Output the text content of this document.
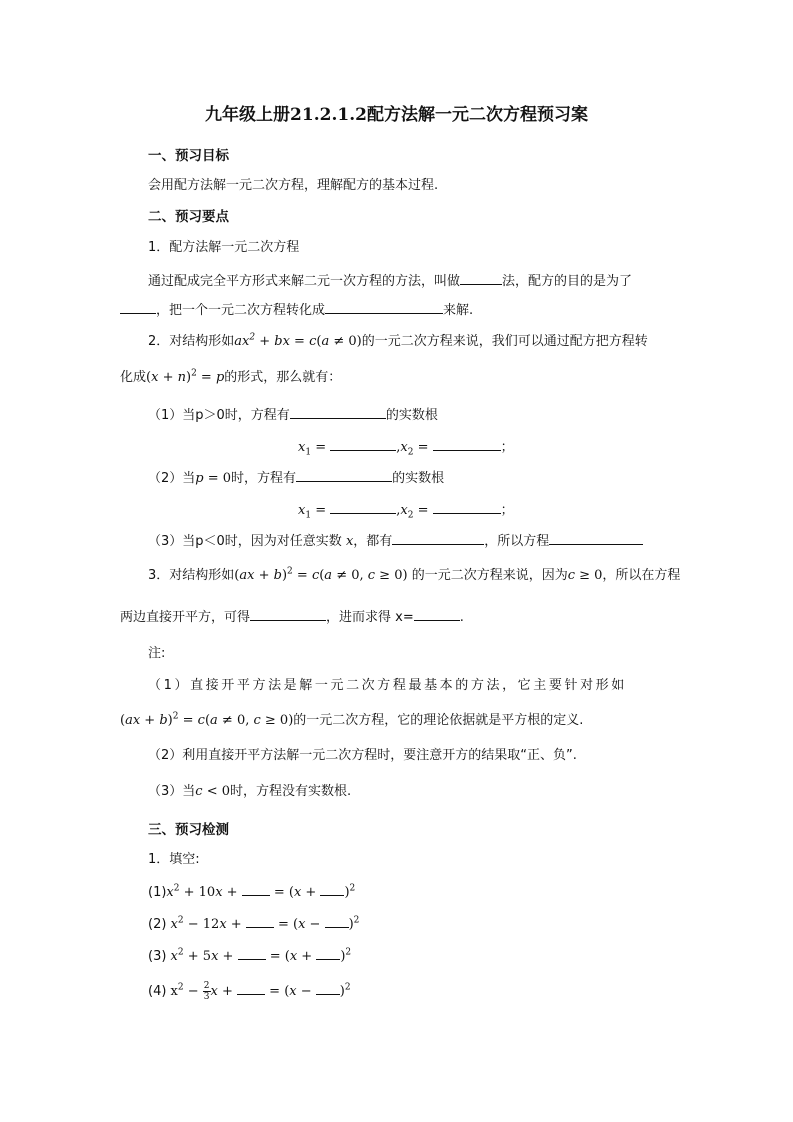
九年级上册21.2.1.2配方法解一元二次方程预习案
一、预习目标
会用配方法解一元二次方程，理解配方的基本过程.
二、预习要点
1．配方法解一元二次方程
通过配成完全平方形式来解二元一次方程的方法，叫做	法，配方的目的是为了
，把一个一元二次方程转化成	来解.
2．对结构形如$ax^2$ + bx = c(a ≠ 0)的一元二次方程来说，我们可以通过配方把方程转
化成$(x + n)^2 = p$的形式，那么就有：
（1）当p＞0时，方程有	的实数根
$x_1$ =	$,x_2$ =	；
（2）当p = 0时，方程有	的实数根
$x_1$ =	$,x_2$ =	；
（3）当p＜0时，因为对任意实数 x，都有	，所以方程
3．对结构形如(ax + b)$^2$ = c(a ≠ 0, c ≥ 0) 的一元二次方程来说，因为c ≥ 0，所以在方程
两边直接开平方，可得	，进而求得 x=	.
注:
（1）直接开平方法是解一元二次方程最基本的方法，它主要针对形如
(ax + b)$^2$ = c(a ≠ 0, c ≥ 0)的一元二次方程，它的理论依据就是平方根的定义.
（2）利用直接开平方法解一元二次方程时，要注意开方的结果取“正、负”.
（3）当c < 0时，方程没有实数根.
三、预习检测
1．填空:
$(1)x^2 + 10x$ +  = $(x + )^2$
(2) $x^2 - 12x$ +  = $(x - )^2$
(3) $x^2 + 5x$ +  = $(x + )^2$
(4) $x^2 - \frac{2}{3}$ x +  = $(x - )^2$
